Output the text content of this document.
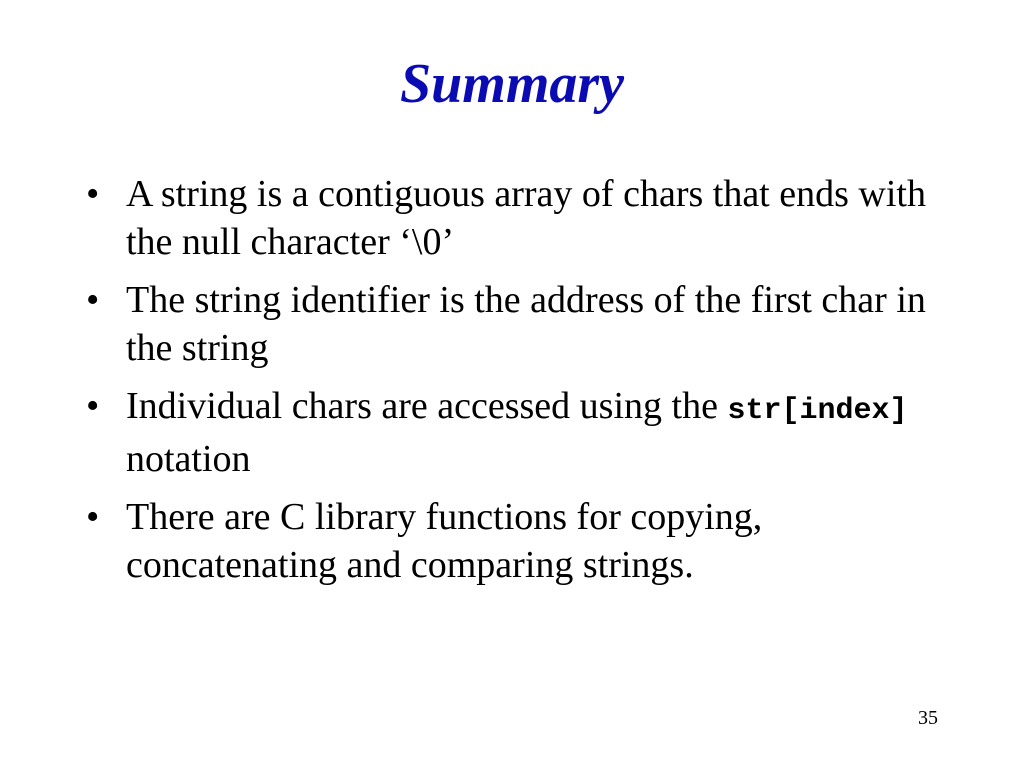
Summary
• A string is a contiguous array of chars that ends with the null character ‘\0’
• The string identifier is the address of the first char in the string
• Individual chars are accessed using the str[index] notation
• There are C library functions for copying, concatenating and comparing strings.
35
